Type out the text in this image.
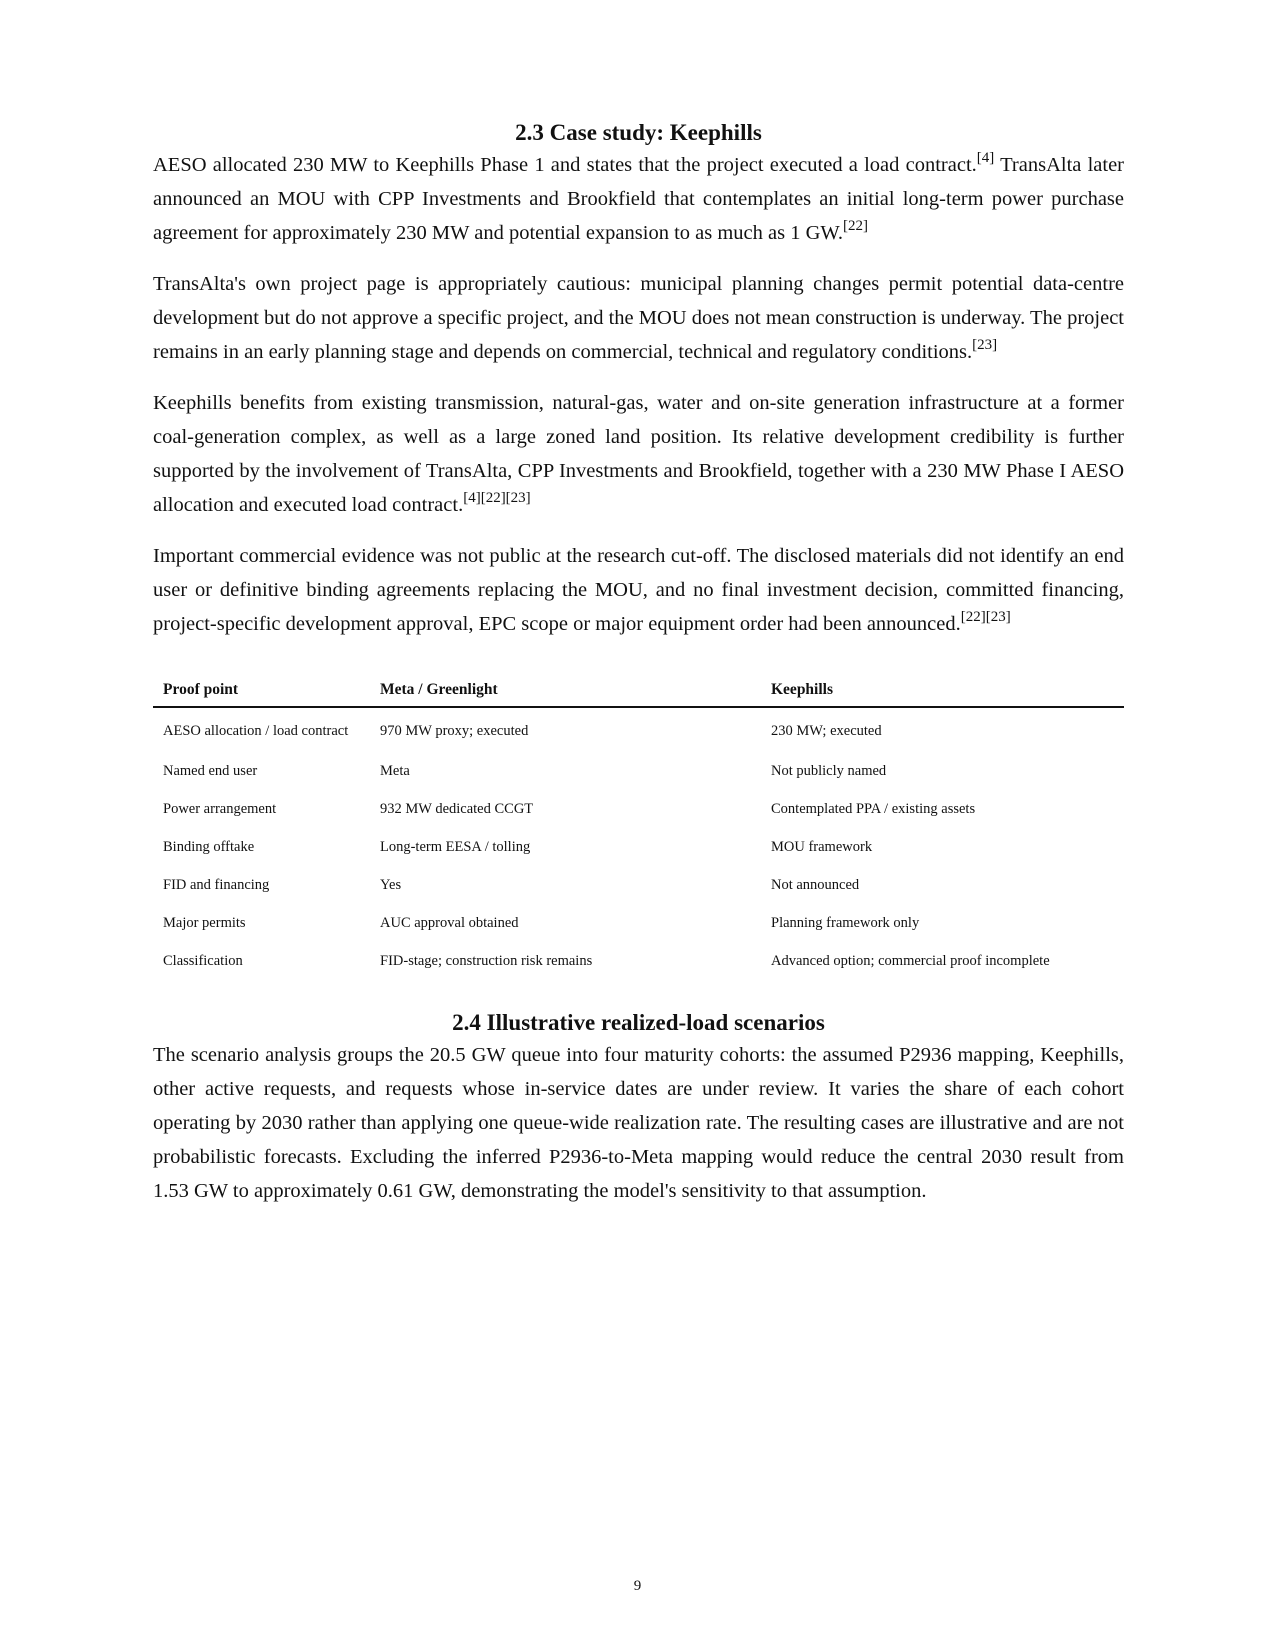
2.3 Case study: Keephills

AESO allocated 230 MW to Keephills Phase 1 and states that the project executed a load contract.[4] TransAlta later announced an MOU with CPP Investments and Brookfield that contemplates an initial long-term power purchase agreement for approximately 230 MW and potential expansion to as much as 1 GW.[22]

TransAlta's own project page is appropriately cautious: municipal planning changes permit potential data-centre development but do not approve a specific project, and the MOU does not mean construction is underway. The project remains in an early planning stage and depends on commercial, technical and regulatory conditions.[23]

Keephills benefits from existing transmission, natural-gas, water and on-site generation infrastructure at a former coal-generation complex, as well as a large zoned land position. Its relative development credibility is further supported by the involvement of TransAlta, CPP Investments and Brookfield, together with a 230 MW Phase I AESO allocation and executed load contract.[4][22][23]

Important commercial evidence was not public at the research cut-off. The disclosed materials did not identify an end user or definitive binding agreements replacing the MOU, and no final investment decision, committed financing, project-specific development approval, EPC scope or major equipment order had been announced.[22][23]

Proof point	Meta / Greenlight	Keephills
AESO allocation / load contract	970 MW proxy; executed	230 MW; executed
Named end user	Meta	Not publicly named
Power arrangement	932 MW dedicated CCGT	Contemplated PPA / existing assets
Binding offtake	Long-term EESA / tolling	MOU framework
FID and financing	Yes	Not announced
Major permits	AUC approval obtained	Planning framework only
Classification	FID-stage; construction risk remains	Advanced option; commercial proof incomplete
2.4 Illustrative realized-load scenarios

The scenario analysis groups the 20.5 GW queue into four maturity cohorts: the assumed P2936 mapping, Keephills, other active requests, and requests whose in-service dates are under review. It varies the share of each cohort operating by 2030 rather than applying one queue-wide realization rate. The resulting cases are illustrative and are not probabilistic forecasts. Excluding the inferred P2936-to-Meta mapping would reduce the central 2030 result from 1.53 GW to approximately 0.61 GW, demonstrating the model's sensitivity to that assumption.

9
